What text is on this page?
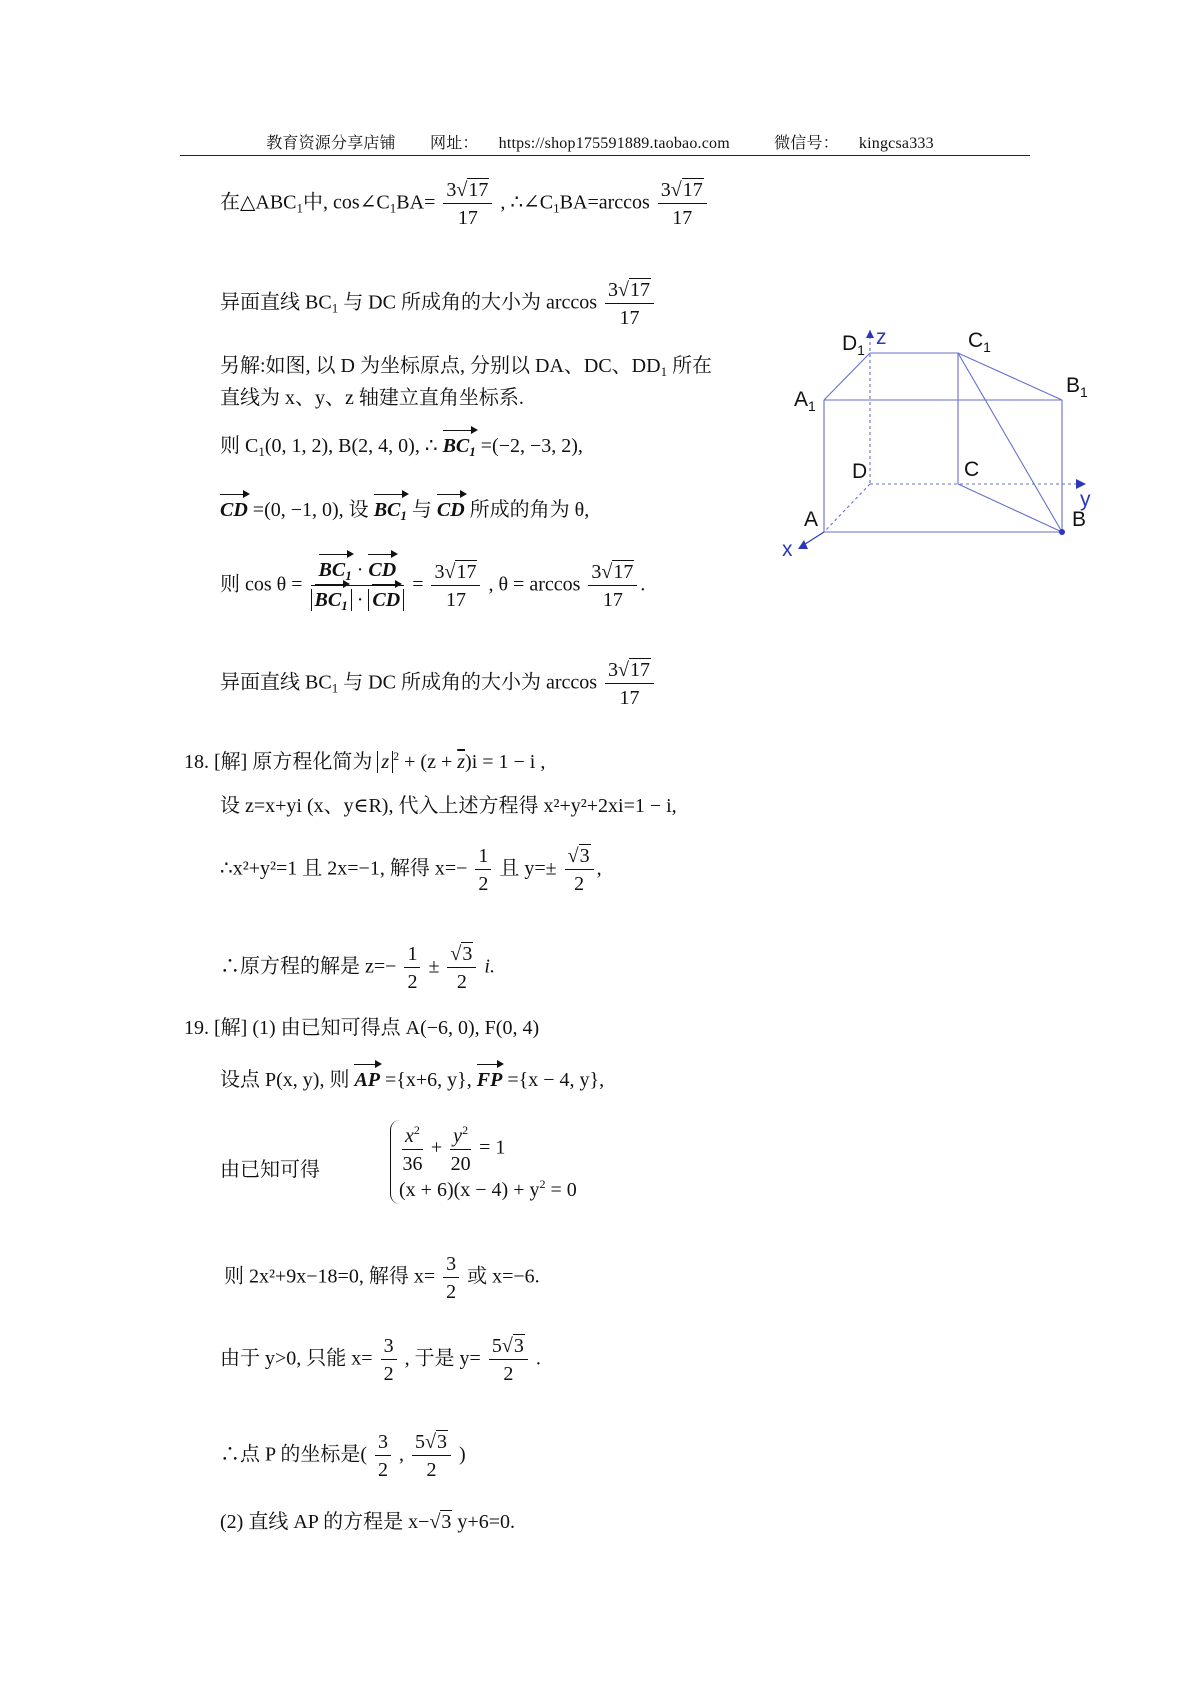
教育资源分享店铺 网址： https://shop175591889.taobao.com	微信号： kingcsa333
在$\triangle ABC_1$中, $\cos\angle C_1BA= \frac{3√17}{17}$ , $\therefore\angle C_1BA=\arccos \frac{3√17}{17}$
异面直线 $BC_1$ 与 DC 所成角的大小为 $\arccos \frac{3√17}{17}$
另解:如图, 以 D 为坐标原点, 分别以 DA、DC、$DD_1$ 所在
直线为 x、y、z 轴建立直角坐标系.
则 $C_1(0$, 1, 2), B(2, 4, 0), ∴ $BC_1 =(-2$, −3, 2),
CD =(0, −1, 0), 设 $BC_1$ 与 CD 所成的角为 θ,
则 $\cos \theta = \frac{BC_1 \cdot CD}{BC_1 \cdot CD} = \frac{3√17}{17}$ , $\theta = \arccos \frac{3√17}{17}$ .
异面直线 $BC_1$ 与 DC 所成角的大小为 $\arccos \frac{3√17}{17}$
18. [解] 原方程化简为 z $^2 + (z + \overline{z})i = 1 - i$ ,
设 z=x+yi (x、y∈R), 代入上述方程得 x²+y²+2xi=1 − i,
∴x²+y²=1 且 2x=−1, 解得 $x=- \frac{1}{2}$ 且 $y=\pm \frac{√3}{2}$ ,
∴原方程的解是 $z=- \frac{1}{2} \pm \frac{√3}{2} i$.
19. [解] (1) 由已知可得点 A(−6, 0), F(0, 4)
设点 P(x, y), 则 AP ={x+6, y}, FP ={x − 4, y},
由已知可得	$\frac{x^2}{36} + \frac{y^2}{20} = 1$
$(x + 6)(x - 4) + y^2 = 0$
则 2x²+9x−18=0, 解得 $x= \frac{3}{2}$ 或 x=−6.
由于 y>0, 只能 $x= \frac{3}{2}$ , 于是 $y= \frac{5√3}{2}$ .
∴点 P 的坐标是( $\frac{3}{2}$ , $\frac{5√3}{2}$ )
(2) 直线 AP 的方程是 x−√3 y+6=0.
$D_1$
z	$C_1$
$A_1$
$B_1$
D	C
y
A	B
x
